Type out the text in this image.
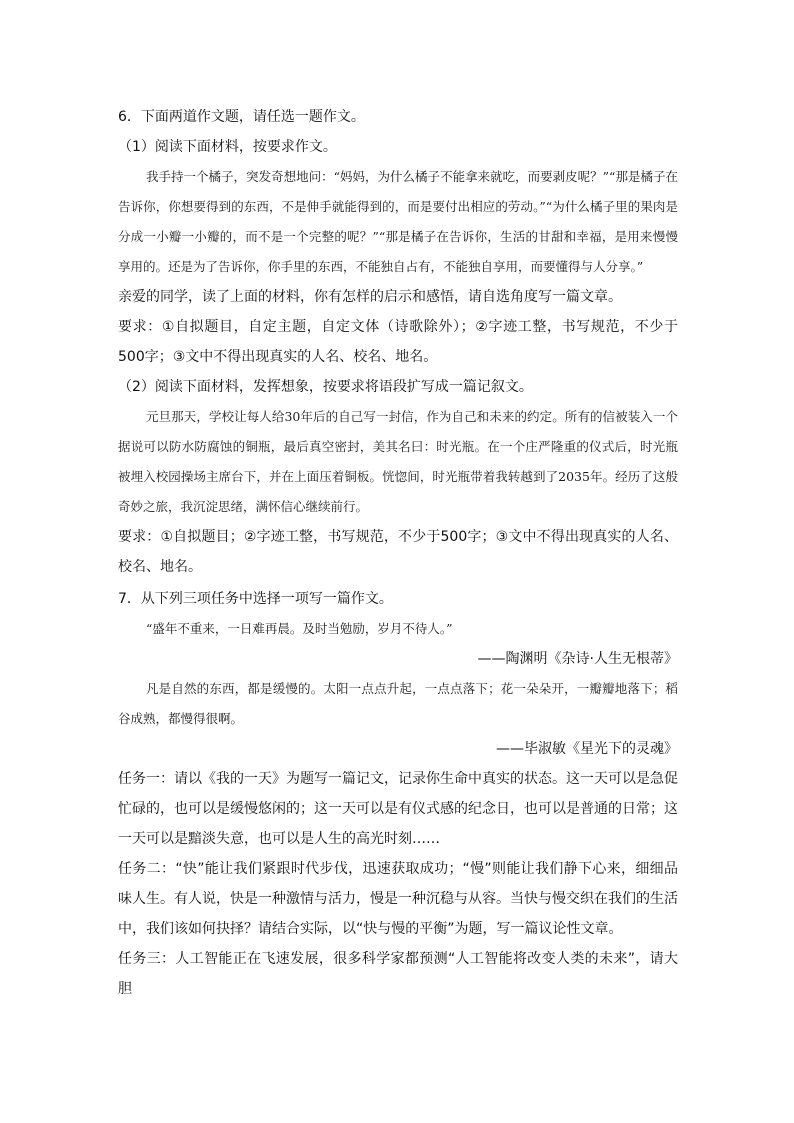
6．下面两道作文题，请任选一题作文。
（1）阅读下面材料，按要求作文。
我手持一个橘子，突发奇想地问：“妈妈，为什么橘子不能拿来就吃，而要剥皮呢？”“那是橘子在告诉你，你想要得到的东西，不是伸手就能得到的，而是要付出相应的劳动。”“为什么橘子里的果肉是分成一小瓣一小瓣的，而不是一个完整的呢？”“那是橘子在告诉你，生活的甘甜和幸福，是用来慢慢享用的。还是为了告诉你，你手里的东西，不能独自占有，不能独自享用，而要懂得与人分享。”
亲爱的同学，读了上面的材料，你有怎样的启示和感悟，请自选角度写一篇文章。
要求：①自拟题目，自定主题，自定文体（诗歌除外）；②字迹工整，书写规范，不少于500字；③文中不得出现真实的人名、校名、地名。
（2）阅读下面材料，发挥想象，按要求将语段扩写成一篇记叙文。
元旦那天，学校让每人给30年后的自己写一封信，作为自己和未来的约定。所有的信被装入一个据说可以防水防腐蚀的铜瓶，最后真空密封，美其名曰：时光瓶。在一个庄严隆重的仪式后，时光瓶被埋入校园操场主席台下，并在上面压着铜板。恍惚间，时光瓶带着我转越到了2035年。经历了这般奇妙之旅，我沉淀思绪，满怀信心继续前行。
要求：①自拟题目；②字迹工整，书写规范，不少于500字；③文中不得出现真实的人名、校名、地名。
7．从下列三项任务中选择一项写一篇作文。
“盛年不重来，一日难再晨。及时当勉励，岁月不待人。”
——陶渊明《杂诗·人生无根蒂》
凡是自然的东西，都是缓慢的。太阳一点点升起，一点点落下；花一朵朵开，一瓣瓣地落下；稻谷成熟，都慢得很啊。
——毕淑敏《星光下的灵魂》
任务一：请以《我的一天》为题写一篇记文，记录你生命中真实的状态。这一天可以是急促忙碌的，也可以是缓慢悠闲的；这一天可以是有仪式感的纪念日，也可以是普通的日常；这一天可以是黯淡失意，也可以是人生的高光时刻……
任务二：“快”能让我们紧跟时代步伐，迅速获取成功；“慢”则能让我们静下心来，细细品味人生。有人说，快是一种激情与活力，慢是一种沉稳与从容。当快与慢交织在我们的生活中，我们该如何抉择？请结合实际，以“快与慢的平衡”为题，写一篇议论性文章。
任务三：人工智能正在飞速发展，很多科学家都预测“人工智能将改变人类的未来”，请大胆
